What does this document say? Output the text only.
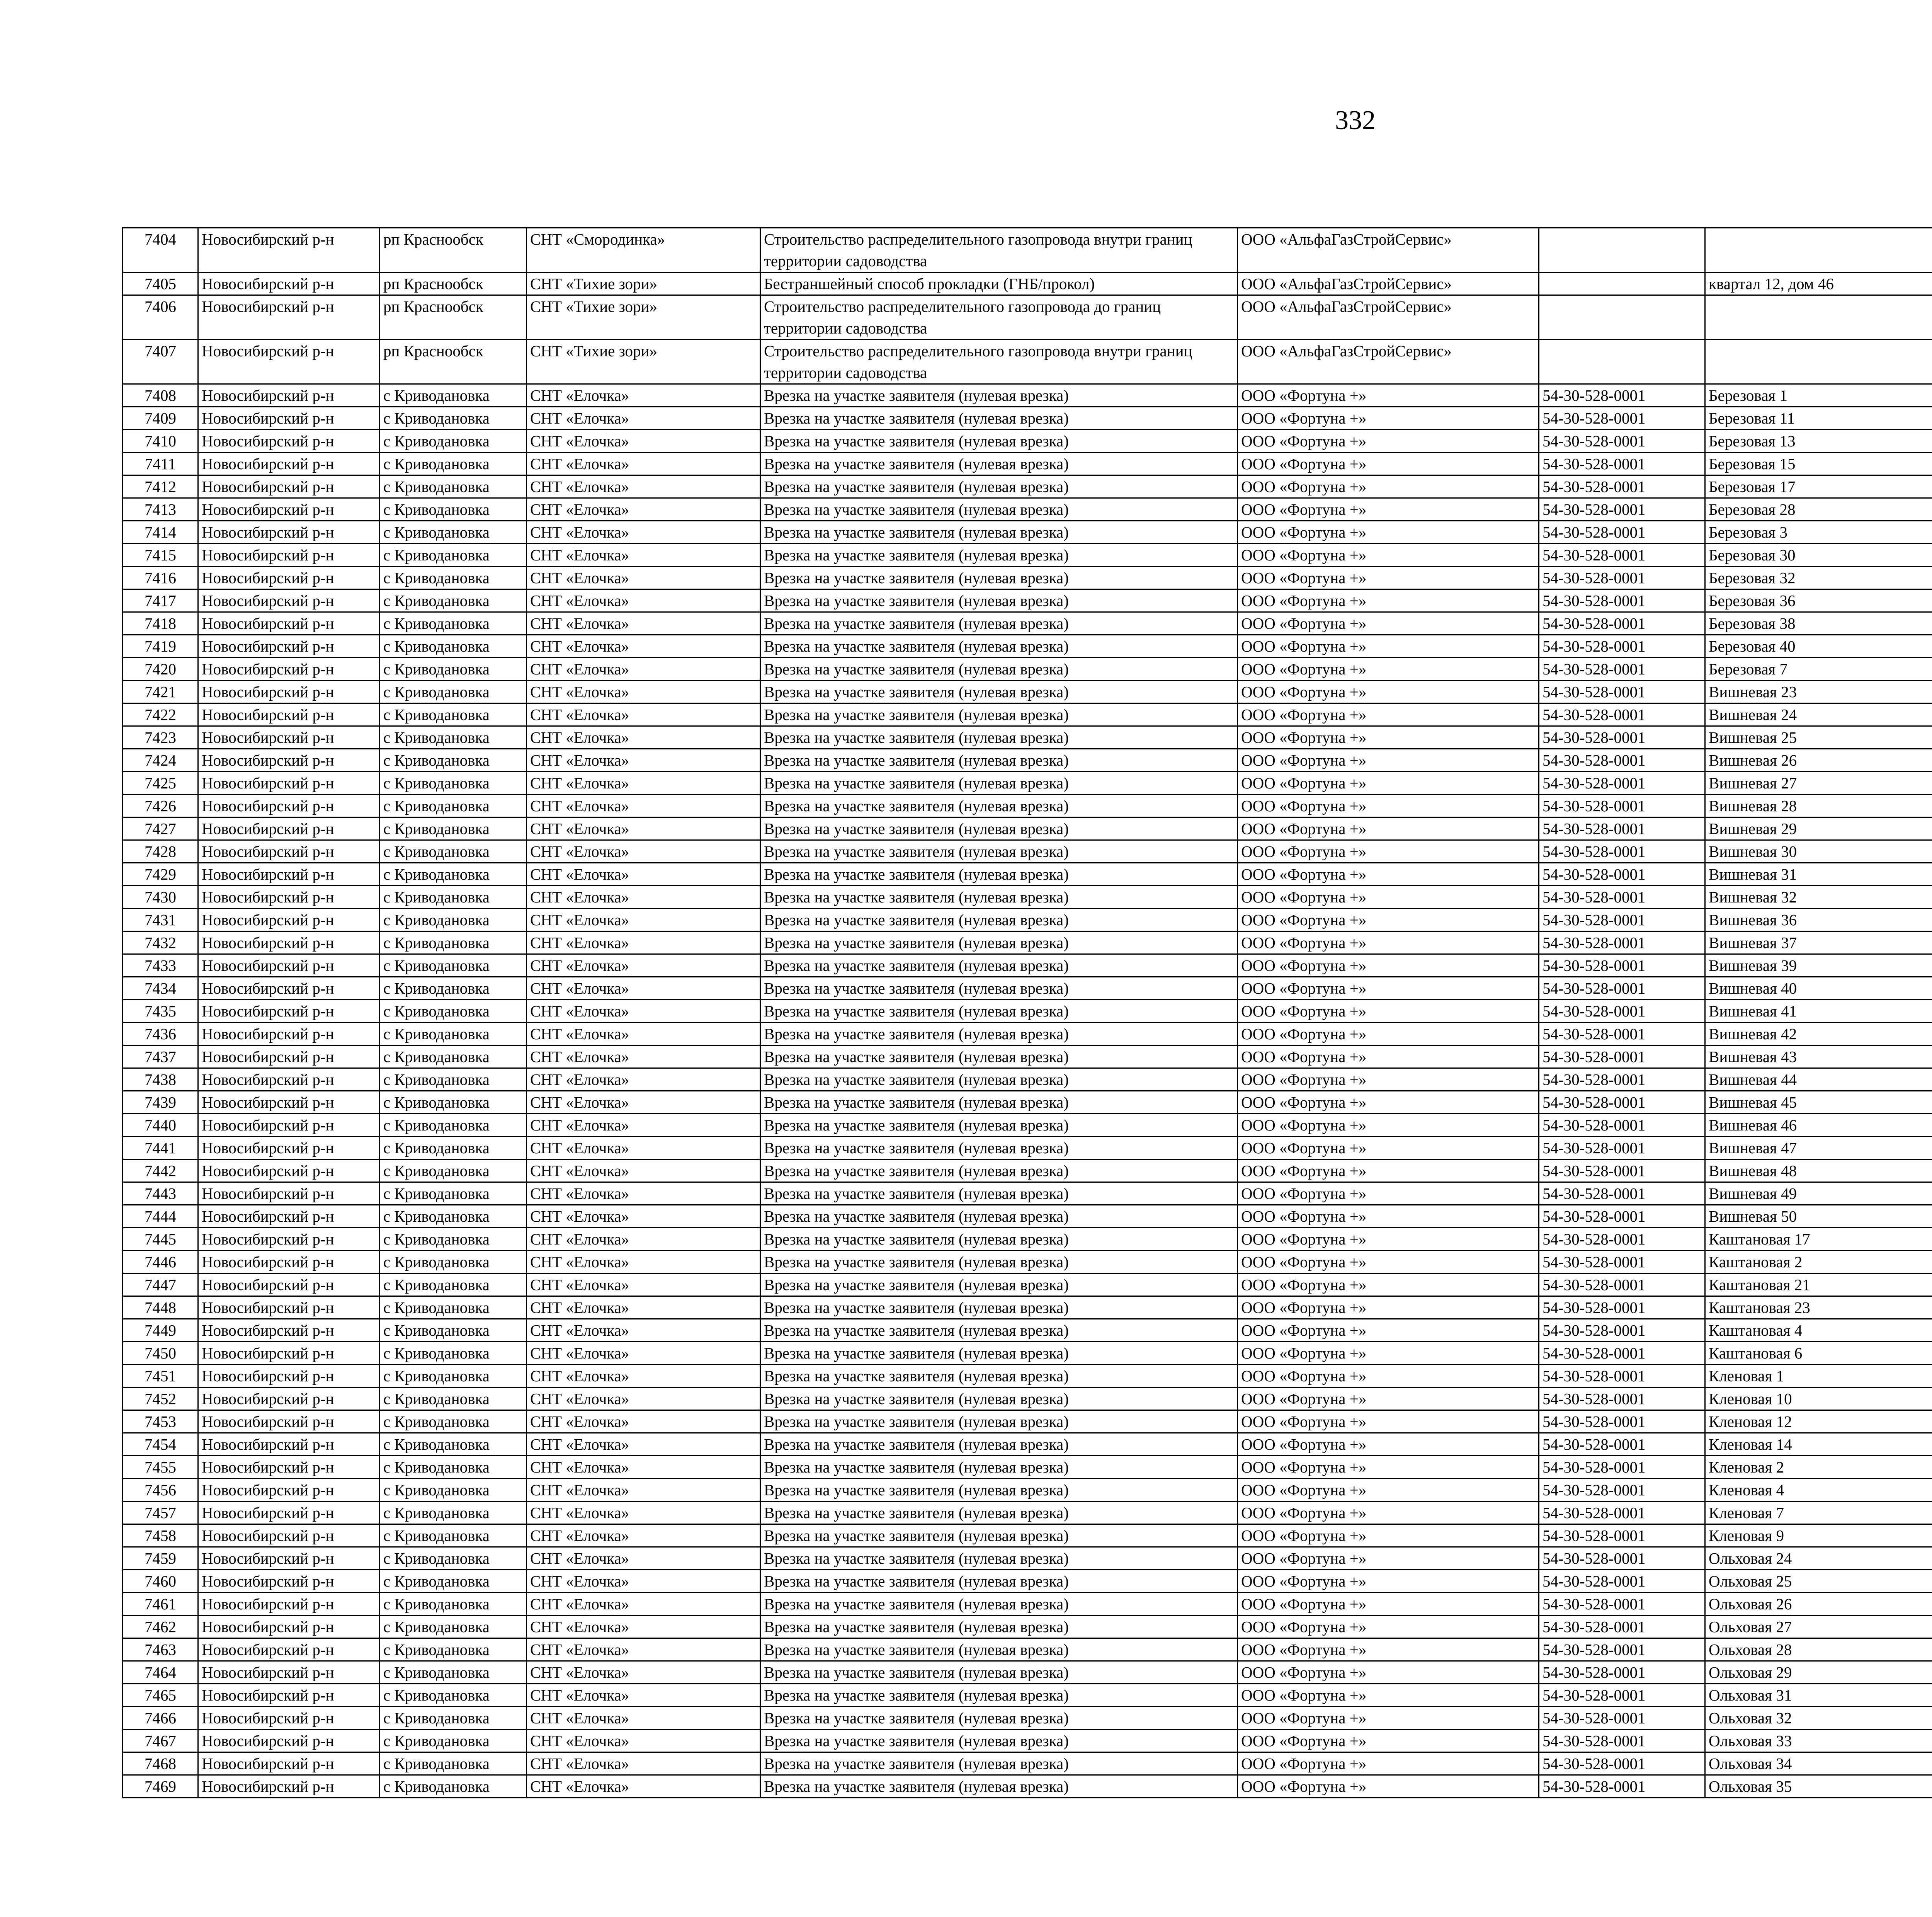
332
7404	Новосибирский р-н	рп Краснообск	СНТ «Смородинка»	Строительство распределительного газопровода внутри границ территории садоводства	ООО «АльфаГазСтройСервис»							
7405	Новосибирский р-н	рп Краснообск	СНТ «Тихие зори»	Бестраншейный способ прокладки (ГНБ/прокол)	ООО «АльфаГазСтройСервис»		квартал 12, дом 46					
7406	Новосибирский р-н	рп Краснообск	СНТ «Тихие зори»	Строительство распределительного газопровода до границ территории садоводства	ООО «АльфаГазСтройСервис»							
7407	Новосибирский р-н	рп Краснообск	СНТ «Тихие зори»	Строительство распределительного газопровода внутри границ территории садоводства	ООО «АльфаГазСтройСервис»							
7408	Новосибирский р-н	с Криводановка	СНТ «Елочка»	Врезка на участке заявителя (нулевая врезка)	ООО «Фортуна +»	54-30-528-0001	Березовая 1					
7409	Новосибирский р-н	с Криводановка	СНТ «Елочка»	Врезка на участке заявителя (нулевая врезка)	ООО «Фортуна +»	54-30-528-0001	Березовая 11					
7410	Новосибирский р-н	с Криводановка	СНТ «Елочка»	Врезка на участке заявителя (нулевая врезка)	ООО «Фортуна +»	54-30-528-0001	Березовая 13					
7411	Новосибирский р-н	с Криводановка	СНТ «Елочка»	Врезка на участке заявителя (нулевая врезка)	ООО «Фортуна +»	54-30-528-0001	Березовая 15					
7412	Новосибирский р-н	с Криводановка	СНТ «Елочка»	Врезка на участке заявителя (нулевая врезка)	ООО «Фортуна +»	54-30-528-0001	Березовая 17					
7413	Новосибирский р-н	с Криводановка	СНТ «Елочка»	Врезка на участке заявителя (нулевая врезка)	ООО «Фортуна +»	54-30-528-0001	Березовая 28					
7414	Новосибирский р-н	с Криводановка	СНТ «Елочка»	Врезка на участке заявителя (нулевая врезка)	ООО «Фортуна +»	54-30-528-0001	Березовая 3					
7415	Новосибирский р-н	с Криводановка	СНТ «Елочка»	Врезка на участке заявителя (нулевая врезка)	ООО «Фортуна +»	54-30-528-0001	Березовая 30					
7416	Новосибирский р-н	с Криводановка	СНТ «Елочка»	Врезка на участке заявителя (нулевая врезка)	ООО «Фортуна +»	54-30-528-0001	Березовая 32					
7417	Новосибирский р-н	с Криводановка	СНТ «Елочка»	Врезка на участке заявителя (нулевая врезка)	ООО «Фортуна +»	54-30-528-0001	Березовая 36					
7418	Новосибирский р-н	с Криводановка	СНТ «Елочка»	Врезка на участке заявителя (нулевая врезка)	ООО «Фортуна +»	54-30-528-0001	Березовая 38					
7419	Новосибирский р-н	с Криводановка	СНТ «Елочка»	Врезка на участке заявителя (нулевая врезка)	ООО «Фортуна +»	54-30-528-0001	Березовая 40					
7420	Новосибирский р-н	с Криводановка	СНТ «Елочка»	Врезка на участке заявителя (нулевая врезка)	ООО «Фортуна +»	54-30-528-0001	Березовая 7					
7421	Новосибирский р-н	с Криводановка	СНТ «Елочка»	Врезка на участке заявителя (нулевая врезка)	ООО «Фортуна +»	54-30-528-0001	Вишневая 23					
7422	Новосибирский р-н	с Криводановка	СНТ «Елочка»	Врезка на участке заявителя (нулевая врезка)	ООО «Фортуна +»	54-30-528-0001	Вишневая 24					
7423	Новосибирский р-н	с Криводановка	СНТ «Елочка»	Врезка на участке заявителя (нулевая врезка)	ООО «Фортуна +»	54-30-528-0001	Вишневая 25					
7424	Новосибирский р-н	с Криводановка	СНТ «Елочка»	Врезка на участке заявителя (нулевая врезка)	ООО «Фортуна +»	54-30-528-0001	Вишневая 26					
7425	Новосибирский р-н	с Криводановка	СНТ «Елочка»	Врезка на участке заявителя (нулевая врезка)	ООО «Фортуна +»	54-30-528-0001	Вишневая 27					
7426	Новосибирский р-н	с Криводановка	СНТ «Елочка»	Врезка на участке заявителя (нулевая врезка)	ООО «Фортуна +»	54-30-528-0001	Вишневая 28					
7427	Новосибирский р-н	с Криводановка	СНТ «Елочка»	Врезка на участке заявителя (нулевая врезка)	ООО «Фортуна +»	54-30-528-0001	Вишневая 29					
7428	Новосибирский р-н	с Криводановка	СНТ «Елочка»	Врезка на участке заявителя (нулевая врезка)	ООО «Фортуна +»	54-30-528-0001	Вишневая 30					
7429	Новосибирский р-н	с Криводановка	СНТ «Елочка»	Врезка на участке заявителя (нулевая врезка)	ООО «Фортуна +»	54-30-528-0001	Вишневая 31					
7430	Новосибирский р-н	с Криводановка	СНТ «Елочка»	Врезка на участке заявителя (нулевая врезка)	ООО «Фортуна +»	54-30-528-0001	Вишневая 32					
7431	Новосибирский р-н	с Криводановка	СНТ «Елочка»	Врезка на участке заявителя (нулевая врезка)	ООО «Фортуна +»	54-30-528-0001	Вишневая 36					
7432	Новосибирский р-н	с Криводановка	СНТ «Елочка»	Врезка на участке заявителя (нулевая врезка)	ООО «Фортуна +»	54-30-528-0001	Вишневая 37					
7433	Новосибирский р-н	с Криводановка	СНТ «Елочка»	Врезка на участке заявителя (нулевая врезка)	ООО «Фортуна +»	54-30-528-0001	Вишневая 39					
7434	Новосибирский р-н	с Криводановка	СНТ «Елочка»	Врезка на участке заявителя (нулевая врезка)	ООО «Фортуна +»	54-30-528-0001	Вишневая 40					
7435	Новосибирский р-н	с Криводановка	СНТ «Елочка»	Врезка на участке заявителя (нулевая врезка)	ООО «Фортуна +»	54-30-528-0001	Вишневая 41					
7436	Новосибирский р-н	с Криводановка	СНТ «Елочка»	Врезка на участке заявителя (нулевая врезка)	ООО «Фортуна +»	54-30-528-0001	Вишневая 42					
7437	Новосибирский р-н	с Криводановка	СНТ «Елочка»	Врезка на участке заявителя (нулевая врезка)	ООО «Фортуна +»	54-30-528-0001	Вишневая 43					
7438	Новосибирский р-н	с Криводановка	СНТ «Елочка»	Врезка на участке заявителя (нулевая врезка)	ООО «Фортуна +»	54-30-528-0001	Вишневая 44					
7439	Новосибирский р-н	с Криводановка	СНТ «Елочка»	Врезка на участке заявителя (нулевая врезка)	ООО «Фортуна +»	54-30-528-0001	Вишневая 45					
7440	Новосибирский р-н	с Криводановка	СНТ «Елочка»	Врезка на участке заявителя (нулевая врезка)	ООО «Фортуна +»	54-30-528-0001	Вишневая 46					
7441	Новосибирский р-н	с Криводановка	СНТ «Елочка»	Врезка на участке заявителя (нулевая врезка)	ООО «Фортуна +»	54-30-528-0001	Вишневая 47					
7442	Новосибирский р-н	с Криводановка	СНТ «Елочка»	Врезка на участке заявителя (нулевая врезка)	ООО «Фортуна +»	54-30-528-0001	Вишневая 48					
7443	Новосибирский р-н	с Криводановка	СНТ «Елочка»	Врезка на участке заявителя (нулевая врезка)	ООО «Фортуна +»	54-30-528-0001	Вишневая 49					
7444	Новосибирский р-н	с Криводановка	СНТ «Елочка»	Врезка на участке заявителя (нулевая врезка)	ООО «Фортуна +»	54-30-528-0001	Вишневая 50					
7445	Новосибирский р-н	с Криводановка	СНТ «Елочка»	Врезка на участке заявителя (нулевая врезка)	ООО «Фортуна +»	54-30-528-0001	Каштановая 17					
7446	Новосибирский р-н	с Криводановка	СНТ «Елочка»	Врезка на участке заявителя (нулевая врезка)	ООО «Фортуна +»	54-30-528-0001	Каштановая 2					
7447	Новосибирский р-н	с Криводановка	СНТ «Елочка»	Врезка на участке заявителя (нулевая врезка)	ООО «Фортуна +»	54-30-528-0001	Каштановая 21					
7448	Новосибирский р-н	с Криводановка	СНТ «Елочка»	Врезка на участке заявителя (нулевая врезка)	ООО «Фортуна +»	54-30-528-0001	Каштановая 23					
7449	Новосибирский р-н	с Криводановка	СНТ «Елочка»	Врезка на участке заявителя (нулевая врезка)	ООО «Фортуна +»	54-30-528-0001	Каштановая 4					
7450	Новосибирский р-н	с Криводановка	СНТ «Елочка»	Врезка на участке заявителя (нулевая врезка)	ООО «Фортуна +»	54-30-528-0001	Каштановая 6					
7451	Новосибирский р-н	с Криводановка	СНТ «Елочка»	Врезка на участке заявителя (нулевая врезка)	ООО «Фортуна +»	54-30-528-0001	Кленовая 1					
7452	Новосибирский р-н	с Криводановка	СНТ «Елочка»	Врезка на участке заявителя (нулевая врезка)	ООО «Фортуна +»	54-30-528-0001	Кленовая 10					
7453	Новосибирский р-н	с Криводановка	СНТ «Елочка»	Врезка на участке заявителя (нулевая врезка)	ООО «Фортуна +»	54-30-528-0001	Кленовая 12					
7454	Новосибирский р-н	с Криводановка	СНТ «Елочка»	Врезка на участке заявителя (нулевая врезка)	ООО «Фортуна +»	54-30-528-0001	Кленовая 14					
7455	Новосибирский р-н	с Криводановка	СНТ «Елочка»	Врезка на участке заявителя (нулевая врезка)	ООО «Фортуна +»	54-30-528-0001	Кленовая 2					
7456	Новосибирский р-н	с Криводановка	СНТ «Елочка»	Врезка на участке заявителя (нулевая врезка)	ООО «Фортуна +»	54-30-528-0001	Кленовая 4					
7457	Новосибирский р-н	с Криводановка	СНТ «Елочка»	Врезка на участке заявителя (нулевая врезка)	ООО «Фортуна +»	54-30-528-0001	Кленовая 7					
7458	Новосибирский р-н	с Криводановка	СНТ «Елочка»	Врезка на участке заявителя (нулевая врезка)	ООО «Фортуна +»	54-30-528-0001	Кленовая 9					
7459	Новосибирский р-н	с Криводановка	СНТ «Елочка»	Врезка на участке заявителя (нулевая врезка)	ООО «Фортуна +»	54-30-528-0001	Ольховая 24					
7460	Новосибирский р-н	с Криводановка	СНТ «Елочка»	Врезка на участке заявителя (нулевая врезка)	ООО «Фортуна +»	54-30-528-0001	Ольховая 25					
7461	Новосибирский р-н	с Криводановка	СНТ «Елочка»	Врезка на участке заявителя (нулевая врезка)	ООО «Фортуна +»	54-30-528-0001	Ольховая 26					
7462	Новосибирский р-н	с Криводановка	СНТ «Елочка»	Врезка на участке заявителя (нулевая врезка)	ООО «Фортуна +»	54-30-528-0001	Ольховая 27					
7463	Новосибирский р-н	с Криводановка	СНТ «Елочка»	Врезка на участке заявителя (нулевая врезка)	ООО «Фортуна +»	54-30-528-0001	Ольховая 28					
7464	Новосибирский р-н	с Криводановка	СНТ «Елочка»	Врезка на участке заявителя (нулевая врезка)	ООО «Фортуна +»	54-30-528-0001	Ольховая 29					
7465	Новосибирский р-н	с Криводановка	СНТ «Елочка»	Врезка на участке заявителя (нулевая врезка)	ООО «Фортуна +»	54-30-528-0001	Ольховая 31					
7466	Новосибирский р-н	с Криводановка	СНТ «Елочка»	Врезка на участке заявителя (нулевая врезка)	ООО «Фортуна +»	54-30-528-0001	Ольховая 32					
7467	Новосибирский р-н	с Криводановка	СНТ «Елочка»	Врезка на участке заявителя (нулевая врезка)	ООО «Фортуна +»	54-30-528-0001	Ольховая 33					
7468	Новосибирский р-н	с Криводановка	СНТ «Елочка»	Врезка на участке заявителя (нулевая врезка)	ООО «Фортуна +»	54-30-528-0001	Ольховая 34					
7469	Новосибирский р-н	с Криводановка	СНТ «Елочка»	Врезка на участке заявителя (нулевая врезка)	ООО «Фортуна +»	54-30-528-0001	Ольховая 35					
